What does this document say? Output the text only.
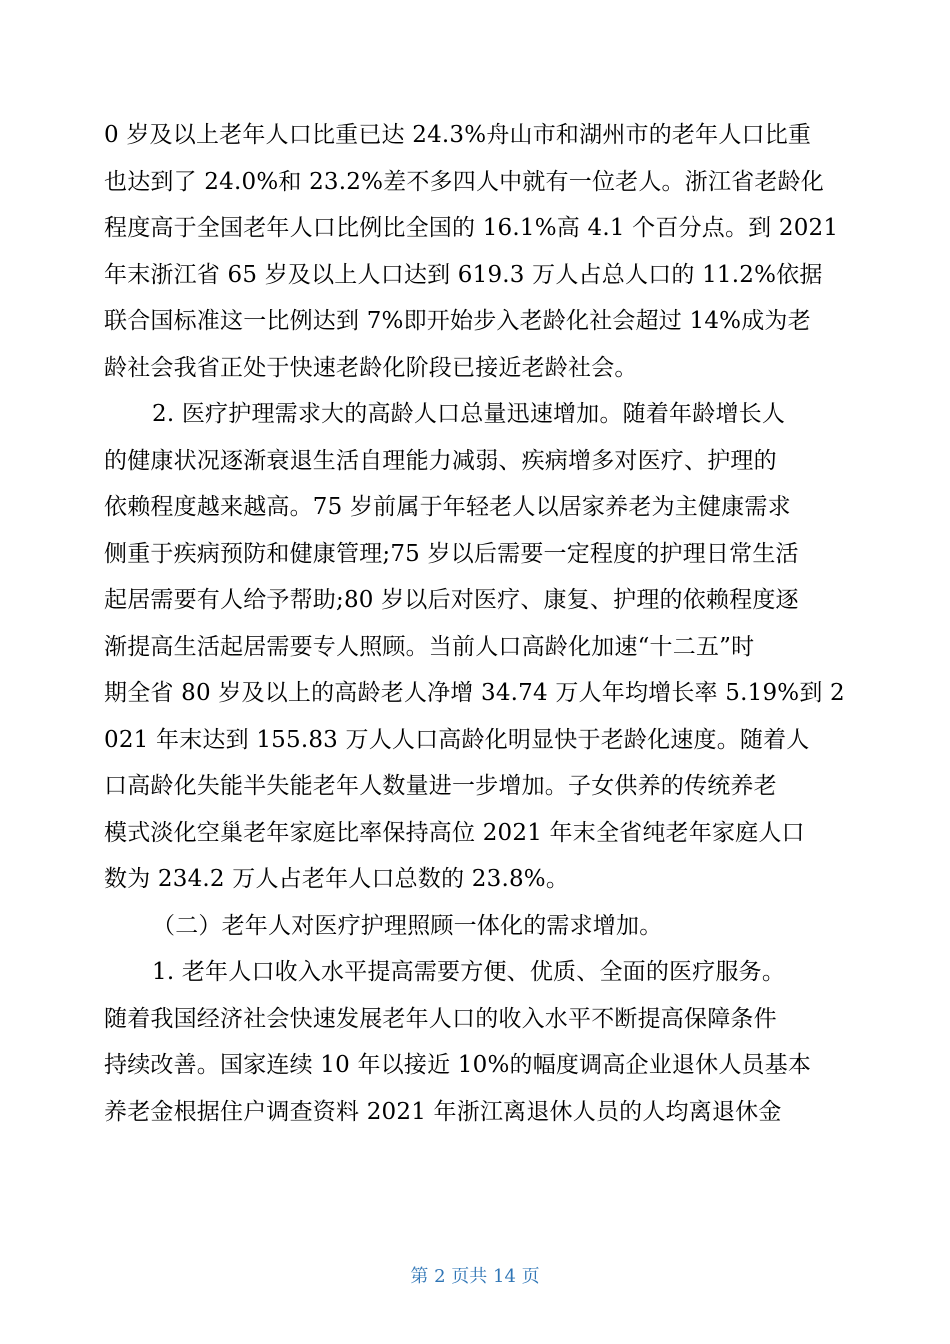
0 岁及以上老年人口比重已达 24.3%舟山市和湖州市的老年人口比重
也达到了 24.0%和 23.2%差不多四人中就有一位老人。浙江省老龄化
程度高于全国老年人口比例比全国的 16.1%高 4.1 个百分点。到 2021
年末浙江省 65 岁及以上人口达到 619.3 万人占总人口的 11.2%依据
联合国标准这一比例达到 7%即开始步入老龄化社会超过 14%成为老
龄社会我省正处于快速老龄化阶段已接近老龄社会。
2. 医疗护理需求大的高龄人口总量迅速增加。随着年龄增长人
的健康状况逐渐衰退生活自理能力减弱、疾病增多对医疗、护理的
依赖程度越来越高。75 岁前属于年轻老人以居家养老为主健康需求
侧重于疾病预防和健康管理;75 岁以后需要一定程度的护理日常生活
起居需要有人给予帮助;80 岁以后对医疗、康复、护理的依赖程度逐
渐提高生活起居需要专人照顾。当前人口高龄化加速“十二五”时
期全省 80 岁及以上的高龄老人净增 34.74 万人年均增长率 5.19%到 2
021 年末达到 155.83 万人人口高龄化明显快于老龄化速度。随着人
口高龄化失能半失能老年人数量进一步增加。子女供养的传统养老
模式淡化空巢老年家庭比率保持高位 2021 年末全省纯老年家庭人口
数为 234.2 万人占老年人口总数的 23.8%。
（二）老年人对医疗护理照顾一体化的需求增加。
1. 老年人口收入水平提高需要方便、优质、全面的医疗服务。
随着我国经济社会快速发展老年人口的收入水平不断提高保障条件
持续改善。国家连续 10 年以接近 10%的幅度调高企业退休人员基本
养老金根据住户调查资料 2021 年浙江离退休人员的人均离退休金
第 2 页共 14 页
